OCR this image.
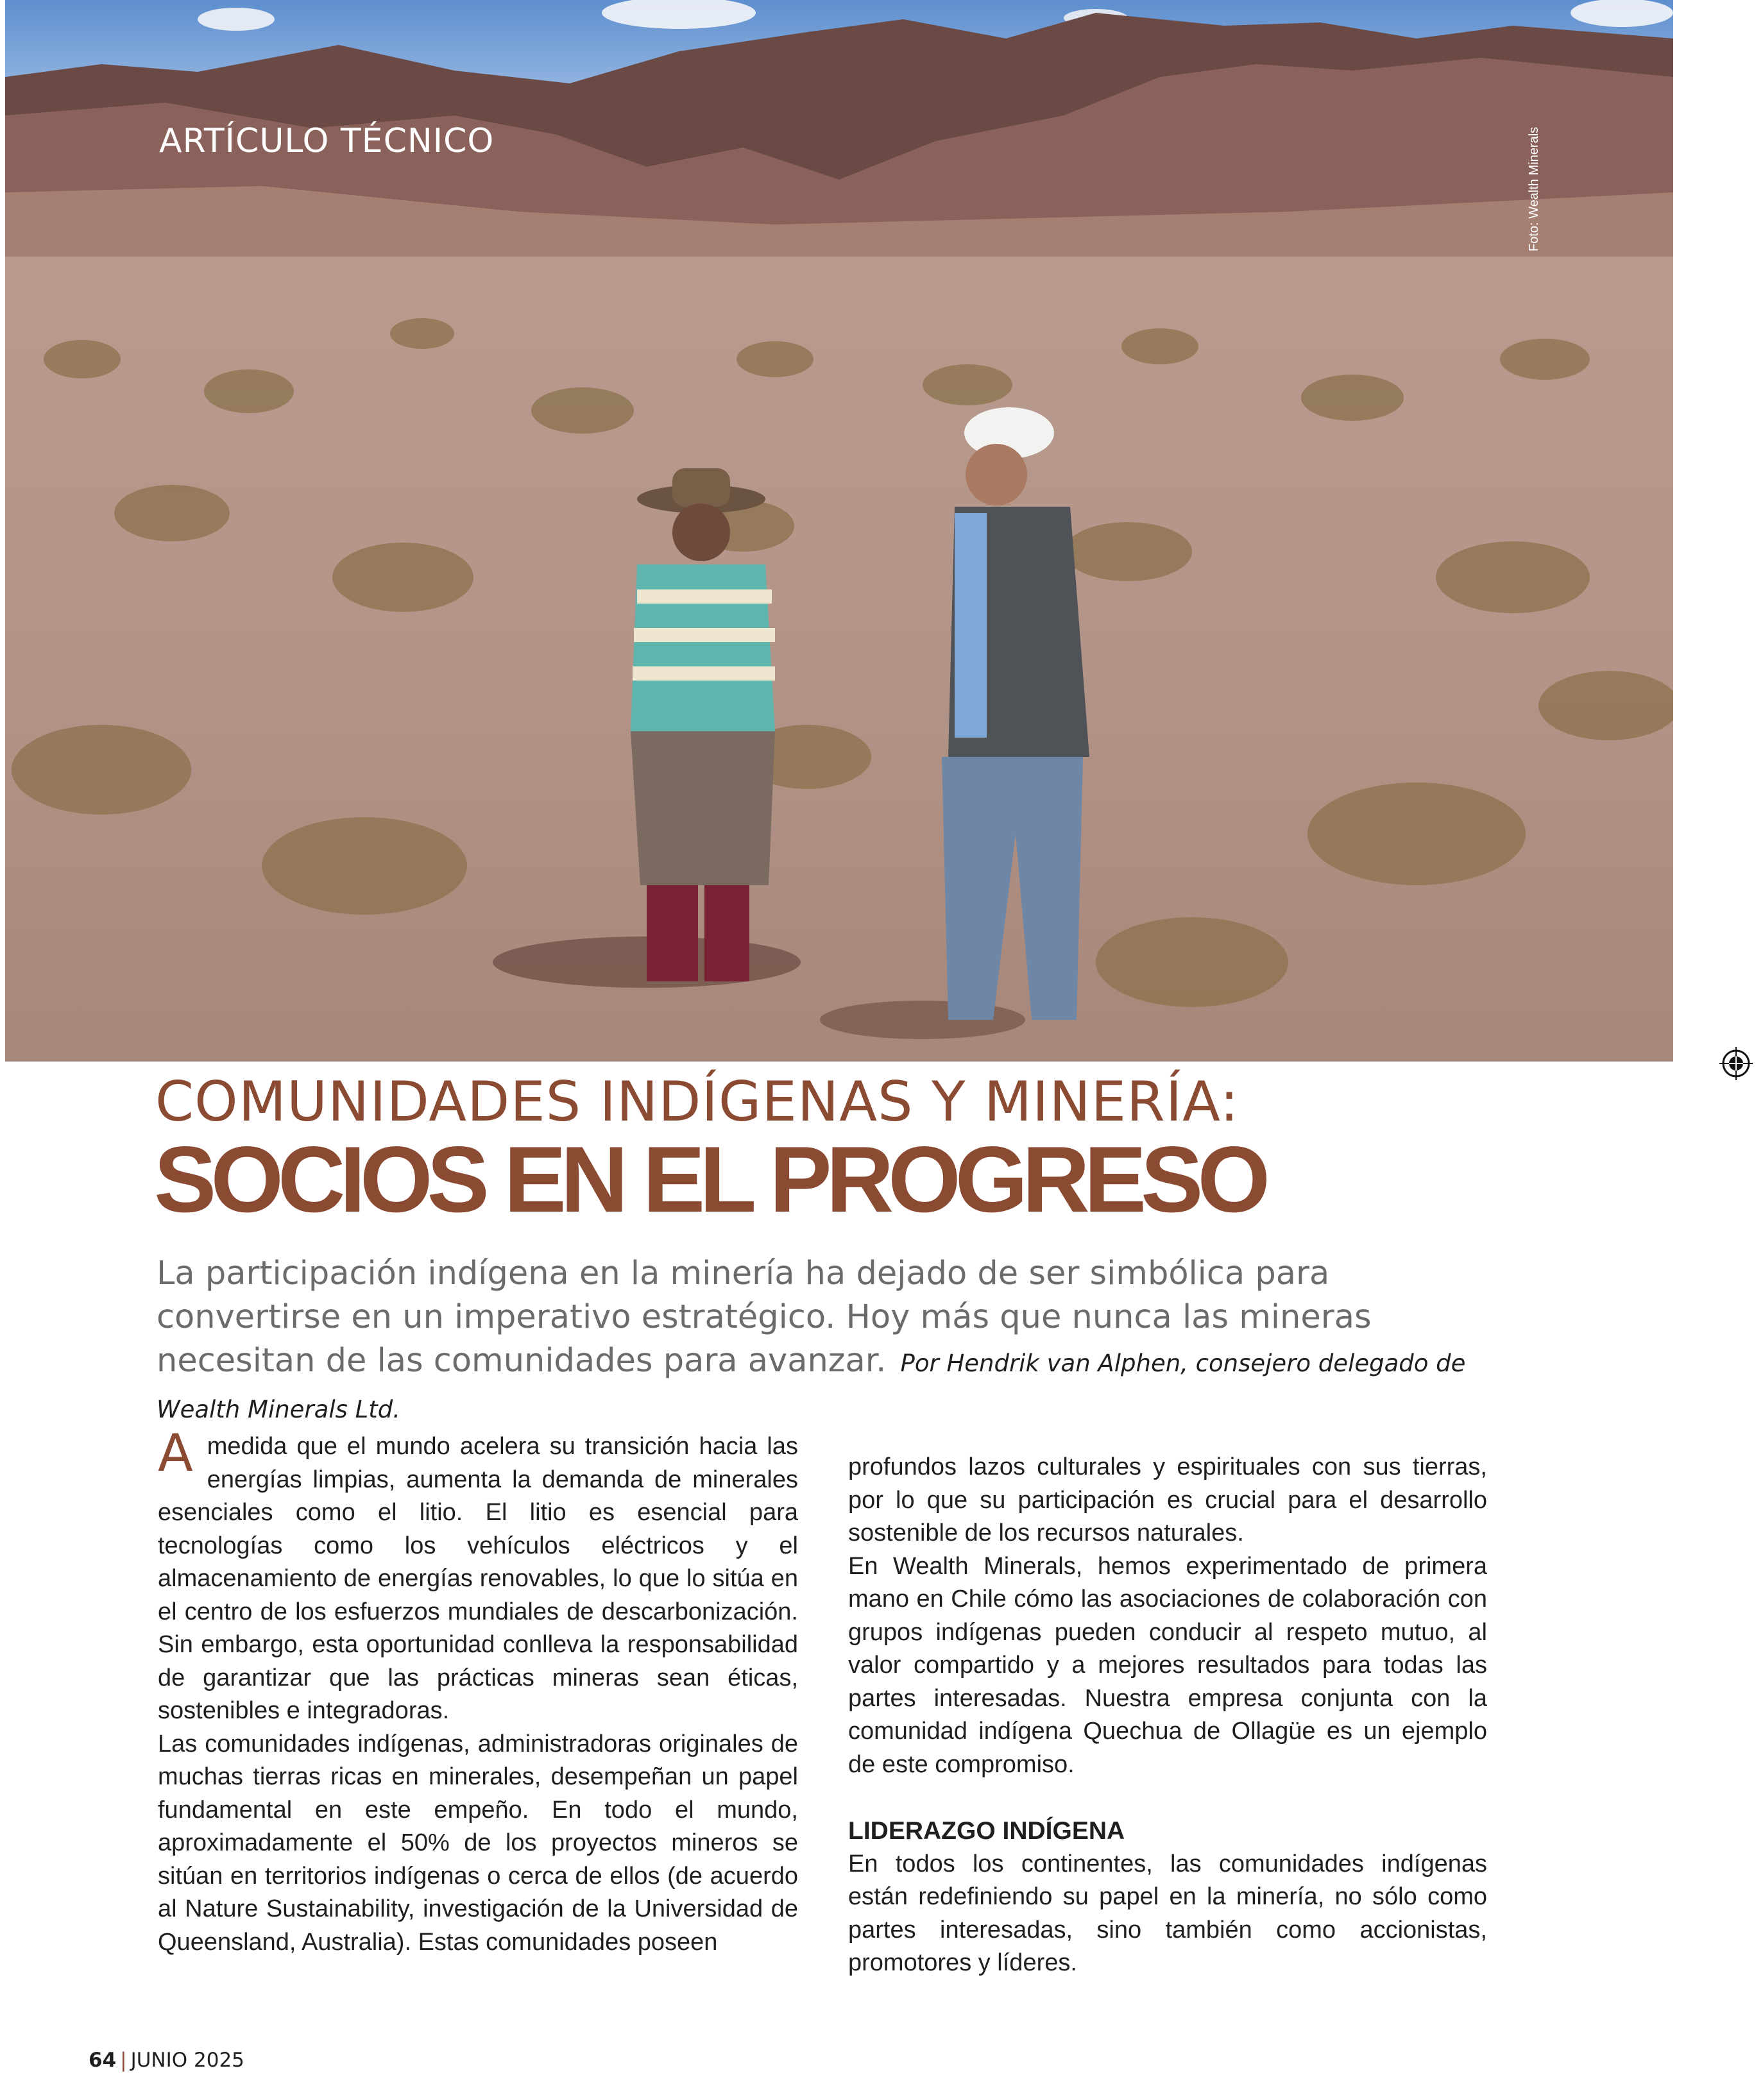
ARTÍCULO TÉCNICO	Foto: Wealth Minerals
COMUNIDADES INDÍGENAS Y MINERÍA:
SOCIOS EN EL PROGRESO
La participación indígena en la minería ha dejado de ser simbólica para convertirse en un imperativo estratégico. Hoy más que nunca las mineras necesitan de las comunidades para avanzar. Por Hendrik van Alphen, consejero delegado de Wealth Minerals Ltd.

Amedida que el mundo acelera su transición hacia las energías limpias, aumenta la demanda de minerales esenciales como el litio. El litio es esencial para tecnologías como los vehículos eléctricos y el almacenamiento de energías renovables, lo que lo sitúa en el centro de los esfuerzos mundiales de descarbonización. Sin embargo, esta oportunidad conlleva la responsabilidad de garantizar que las prácticas mineras sean éticas, sostenibles e integradoras.

Las comunidades indígenas, administradoras originales de muchas tierras ricas en minerales, desempeñan un papel fundamental en este empeño. En todo el mundo, aproximadamente el 50% de los proyectos mineros se sitúan en territorios indígenas o cerca de ellos (de acuerdo al Nature Sustainability, investigación de la Universidad de Queensland, Australia). Estas comunidades poseen

profundos lazos culturales y espirituales con sus tierras, por lo que su participación es crucial para el desarrollo sostenible de los recursos naturales.

En Wealth Minerals, hemos experimentado de primera mano en Chile cómo las asociaciones de colaboración con grupos indígenas pueden conducir al respeto mutuo, al valor compartido y a mejores resultados para todas las partes interesadas. Nuestra empresa conjunta con la comunidad indígena Quechua de Ollagüe es un ejemplo de este compromiso.

LIDERAZGO INDÍGENA

En todos los continentes, las comunidades indígenas están redefiniendo su papel en la minería, no sólo como partes interesadas, sino también como accionistas, promotores y líderes.

64 | JUNIO 2025
